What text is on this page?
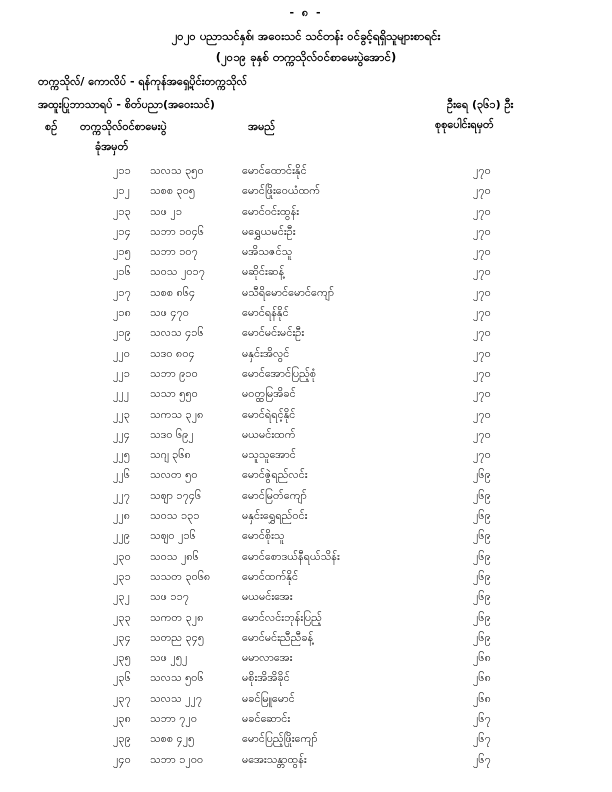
- ၈ -
၂၀၂၀ ပညာသင်နှစ်၊ အဝေးသင် သင်တန်း ဝင်ခွင့်ရရှိသူများစာရင်း
(၂၀၁၉ ခုနှစ် တက္ကသိုလ်ဝင်စာမေးပွဲအောင်)
တက္ကသိုလ်/ ကောလိပ် - ရန်ကုန်အရှေ့ပိုင်းတက္ကသိုလ်
အထူးပြုဘာသာရပ် - စိတ်ပညာ(အဝေးသင်)	ဦးရေ (၃၆၁) ဦး
စဉ် တက္ကသိုလ်ဝင်စာမေးပွဲ	အမည်	စုစုပေါင်းရမှတ်
ခုံအမှတ်
၂၁၁ သလသ ၃၅၀	မောင်ထောင်းနိုင်	၂၇၀
၂၁၂ သစစ ၃၀၅	မောင်ဖြိုးဝေယံထက်	၂၇၀
၂၁၃ သဖ ၂၁	မောင်ဝင်းထွန်း	၂၇၀
၂၁၄ သဘာ ၁၀၄၆	မရွှေယမင်းဦး	၂၇၀
၂၁၅ သဘာ ၁၀၇	မအိသဇင်သူ	၂၇၀
၂၁၆ သဝသ ၂၀၁၇	မဆိုင်းဆန့်	၂၇၀
၂၁၇ သစစ ၈၆၄	မသီရိမောင်မောင်ကျော်	၂၇၀
၂၁၈ သဖ ၄၇၀	မောင်ရန်နိုင်	၂၇၀
၂၁၉ သလသ ၄၁၆	မောင်မင်းမင်းဦး	၂၇၀
၂၂၀ သဒဝ ၈၀၄	မနှင်းအိလွင်	၂၇၀
၂၂၁ သဘာ ၉၁၀	မောင်အောင်ပြည့်စုံ	၂၇၀
၂၂၂ သသာ ၅၅၀	မဝတ္ထမြအိခင်	၂၇၀
၂၂၃ သကသ ၃၂၈	မောင်ရဲရင့်နိုင်	၂၇၀
၂၂၄ သဒဝ ၆၉၂	မယမင်းထက်	၂၇၀
၂၂၅ သဂျ ၃၆၈	မသူသူအောင်	၂၇၀
၂၂၆ သလတ ၅၀	မောင်ဇွဲရည်လင်း	၂၆၉
၂၂၇ သဈာ ၁၇၄၆	မောင်မြတ်ကျော်	၂၆၉
၂၂၈ သဝသ ၁၃၁	မနှင်းရွှေရည်ဝင်း	၂၆၉
၂၂၉ သဈဝ ၂၁၆	မောင်စိုးသူ	၂၆၉
၂၃၀ သဝသ ၂၈၆	မောင်စောဒယ်နီရယ်သိန်း	၂၆၉
၂၃၁ သသတ ၃၀၆၈	မောင်ထက်နိုင်	၂၆၉
၂၃၂ သဖ ၁၁၇	မယမင်းအေး	၂၆၉
၂၃၃ သကတ ၃၂၈	မောင်လင်းဘုန်းပြည့်	၂၆၉
၂၃၄ သတည ၃၄၅	မောင်မင်းညီညီခန့်	၂၆၉
၂၃၅ သဖ ၂၅၂	မမာလာအေး	၂၆၈
၂၃၆ သလသ ၅၀၆	မစိုးအိအိခိုင်	၂၆၈
၂၃၇ သလသ ၂၂၇	မခင်မြူမောင်	၂၆၈
၂၃၈ သဘာ ၇၂၀	မခင်ဆောင်း	၂၆၇
၂၃၉ သစစ ၄၂၅	မောင်ပြည့်ဖြိုးကျော်	၂၆၇
၂၄၀ သဘာ ၁၂၀၀	မအေးသန္တာထွန်း	၂၆၇
